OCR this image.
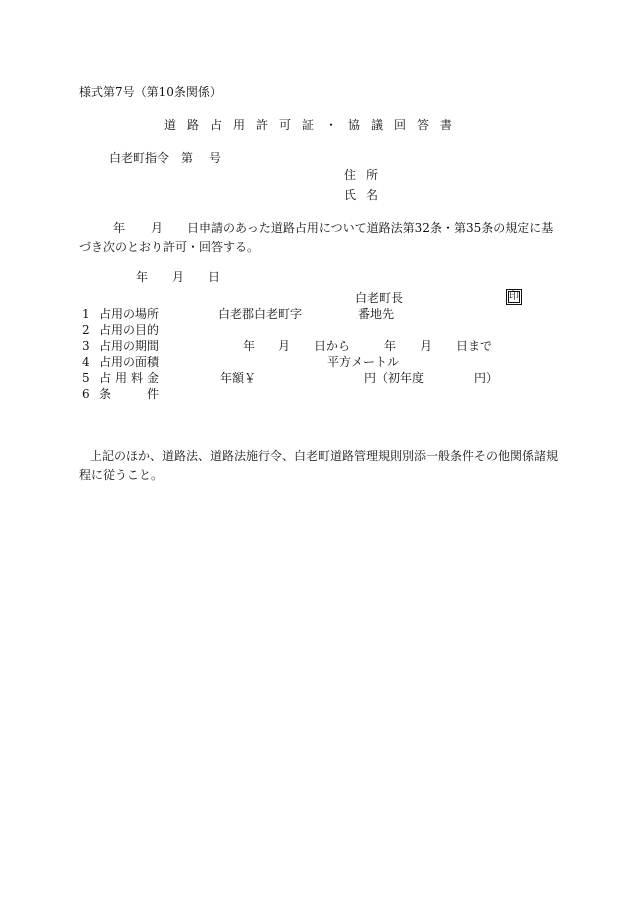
様式第7号（第10条関係）
道路占用許可証・協議回答書
白老町指令 第 号
住所
氏名
年 月 日申請のあった道路占用について道路法第32条・第35条の規定に基づき次のとおり許可・回答する。
年 月 日
白老町長	印
1 占用の場所	白老郡白老町字	番地先
2 占用の目的
3 占用の期間	年 月 日から	年 月 日まで
4 占用の面積	平方メートル
5 占用料金	年額￥	円（初年度	円）
6 条	件
上記のほか、道路法、道路法施行令、白老町道路管理規則別添一般条件その他関係諸規程に従うこと。
